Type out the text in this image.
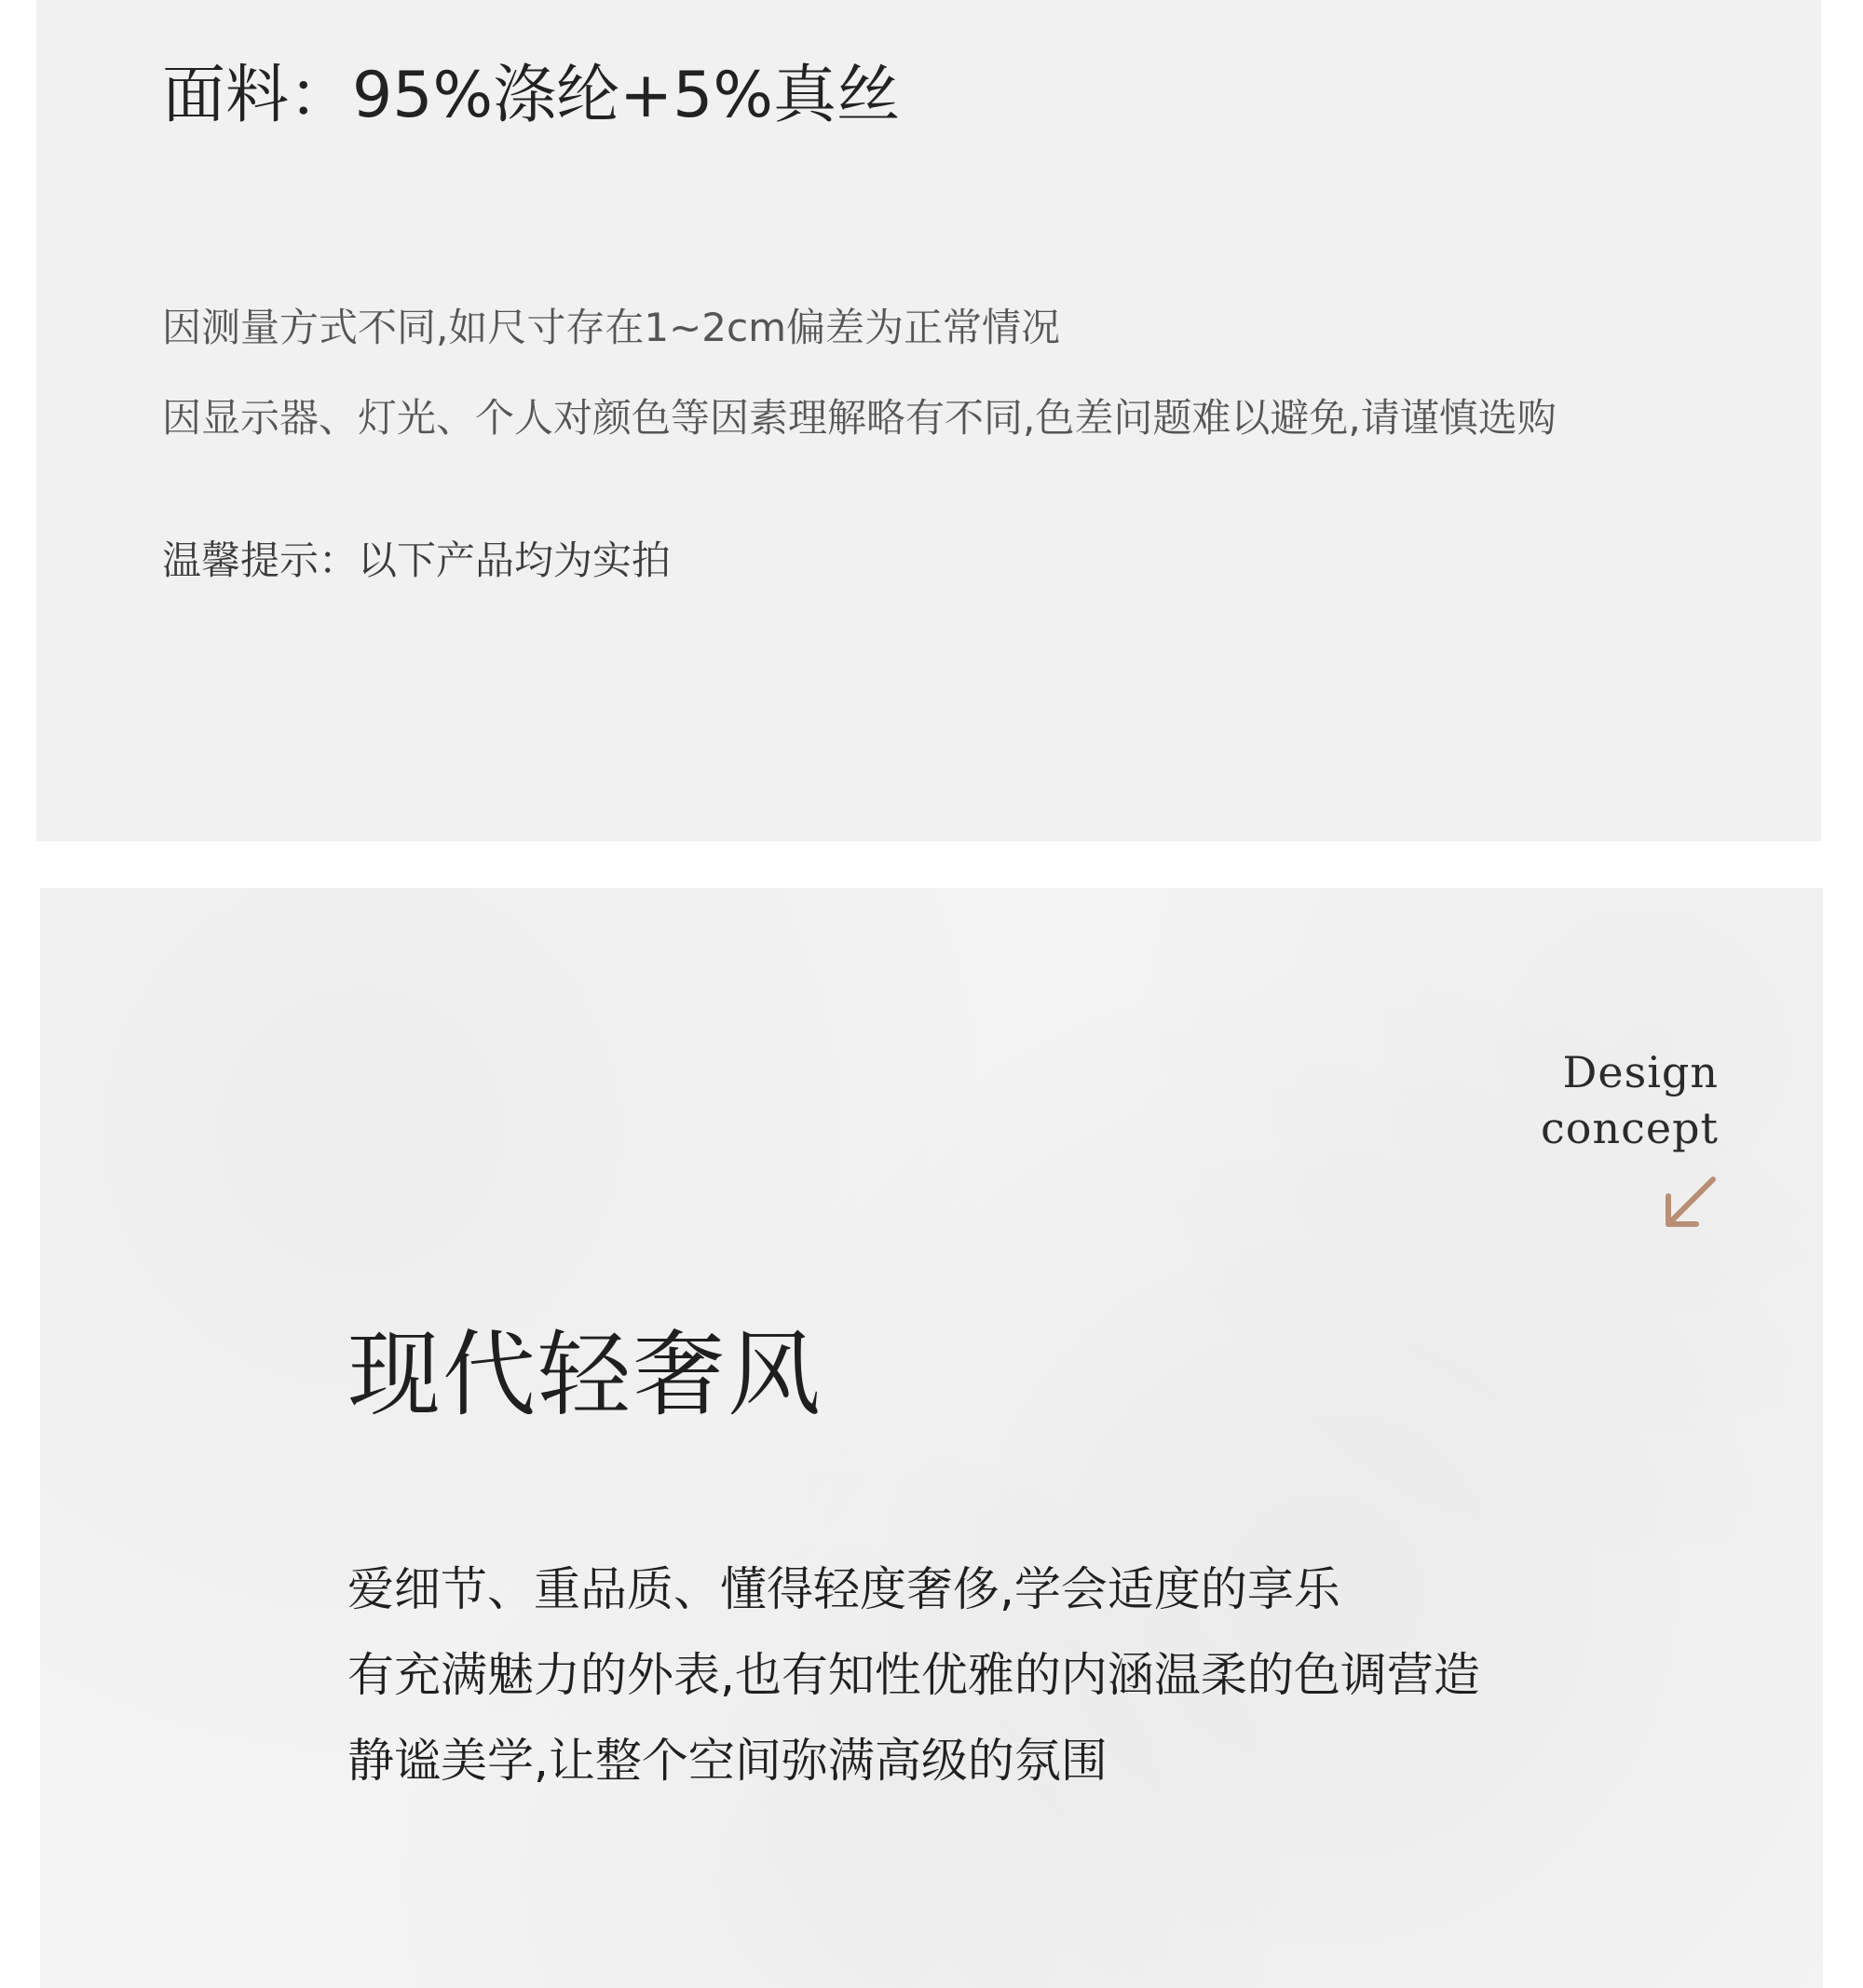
面料：95%涤纶+5%真丝

因测量方式不同,如尺寸存在1~2cm偏差为正常情况

因显示器、灯光、个人对颜色等因素理解略有不同,色差问题难以避免,请谨慎选购

温馨提示：以下产品均为实拍

Design
concept
现代轻奢风

爱细节、重品质、懂得轻度奢侈,学会适度的享乐

有充满魅力的外表,也有知性优雅的内涵温柔的色调营造

静谧美学,让整个空间弥满高级的氛围
